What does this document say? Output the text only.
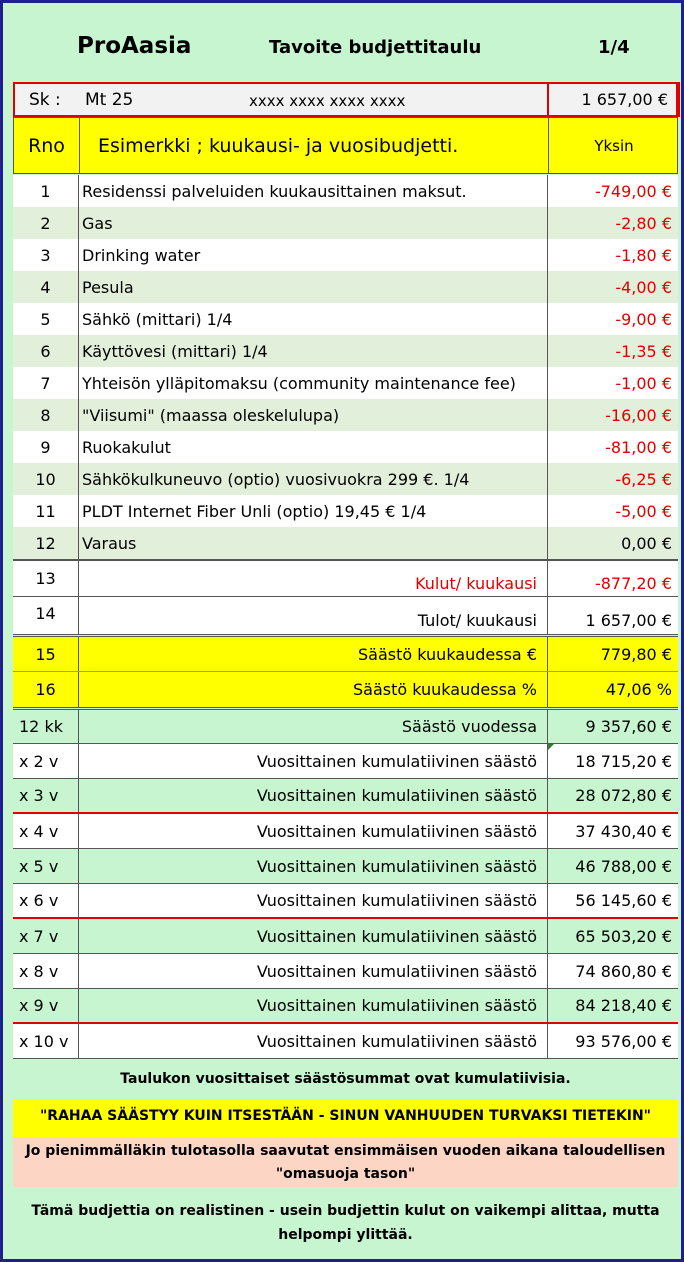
ProAasia	Tavoite budjettitaulu	1/4
Sk : Mt 25	xxxx xxxx xxxx xxxx	1 657,00 €
Rno	Esimerkki ; kuukausi- ja vuosibudjetti.	Yksin
1	Residenssi palveluiden kuukausittainen maksut.	-749,00 €
2	Gas	-2,80 €
3	Drinking water	-1,80 €
4	Pesula	-4,00 €
5	Sähkö (mittari) 1/4	-9,00 €
6	Käyttövesi (mittari) 1/4	-1,35 €
7	Yhteisön ylläpitomaksu (community maintenance fee)	-1,00 €
8	"Viisumi" (maassa oleskelulupa)	-16,00 €
9	Ruokakulut	-81,00 €
10	Sähkökulkuneuvo (optio) vuosivuokra 299 €. 1/4	-6,25 €
11	PLDT Internet Fiber Unli (optio) 19,45 € 1/4	-5,00 €
12	Varaus	0,00 €
13	Kulut/ kuukausi	-877,20 €
14	Tulot/ kuukausi	1 657,00 €
15	Säästö kuukaudessa €	779,80 €
16	Säästö kuukaudessa %	47,06 %
12 kk	Säästö vuodessa	9 357,60 €
x 2 v	Vuosittainen kumulatiivinen säästö	18 715,20 €
x 3 v	Vuosittainen kumulatiivinen säästö	28 072,80 €
x 4 v	Vuosittainen kumulatiivinen säästö	37 430,40 €
x 5 v	Vuosittainen kumulatiivinen säästö	46 788,00 €
x 6 v	Vuosittainen kumulatiivinen säästö	56 145,60 €
x 7 v	Vuosittainen kumulatiivinen säästö	65 503,20 €
x 8 v	Vuosittainen kumulatiivinen säästö	74 860,80 €
x 9 v	Vuosittainen kumulatiivinen säästö	84 218,40 €
x 10 v	Vuosittainen kumulatiivinen säästö	93 576,00 €
Taulukon vuosittaiset säästösummat ovat kumulatiivisia.
"RAHAA SÄÄSTYY KUIN ITSESTÄÄN - SINUN VANHUUDEN TURVAKSI TIETEKIN"
Jo pienimmälläkin tulotasolla saavutat ensimmäisen vuoden aikana taloudellisen
"omasuoja tason"
Tämä budjettia on realistinen - usein budjettin kulut on vaikempi alittaa, mutta
helpompi ylittää.
